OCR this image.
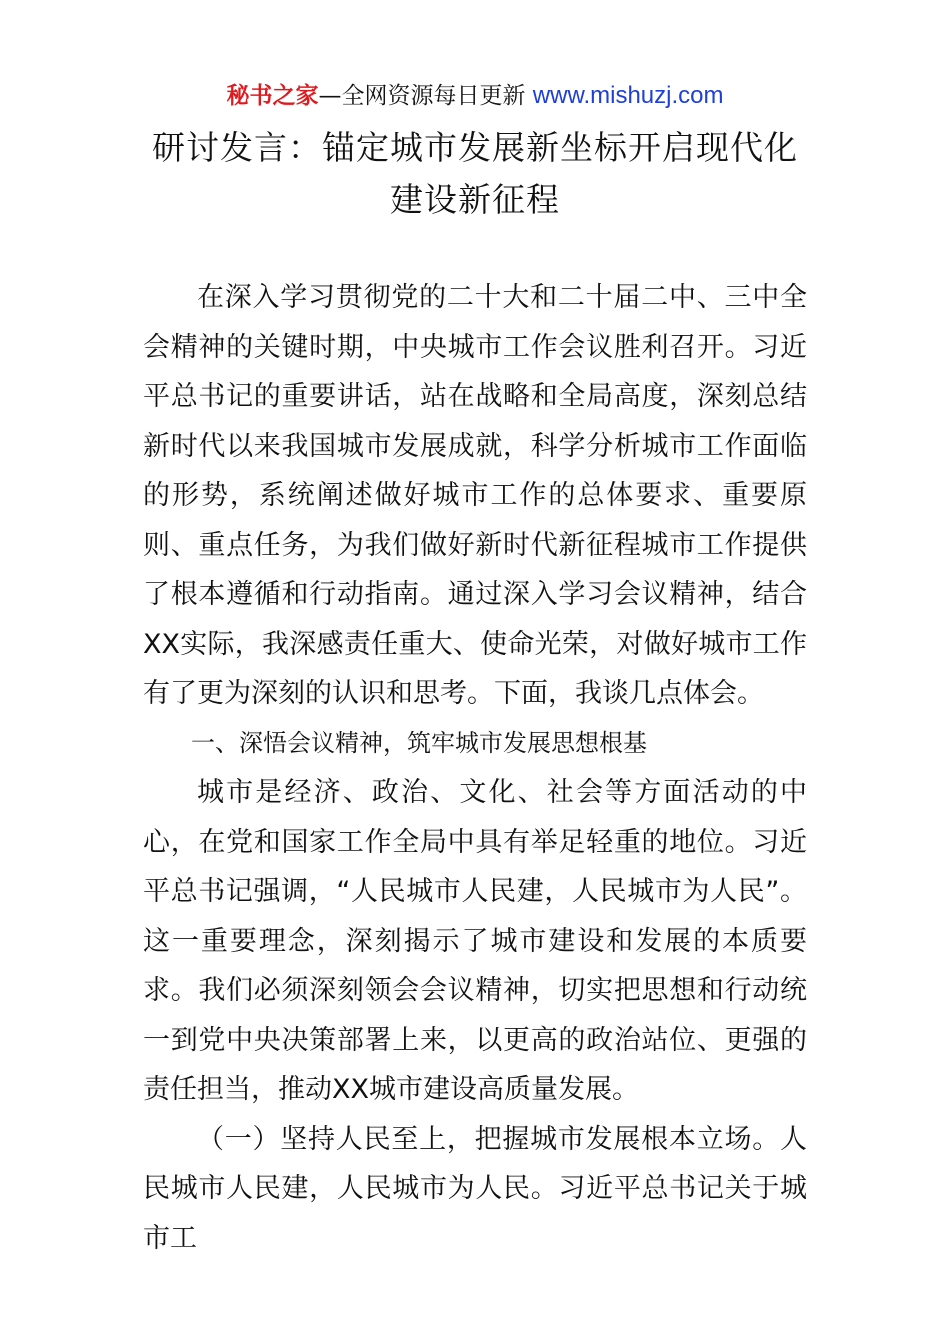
秘书之家—全网资源每日更新 www.mishuzj.com
研讨发言：锚定城市发展新坐标开启现代化建设新征程

在深入学习贯彻党的二十大和二十届二中、三中全会精神的关键时期，中央城市工作会议胜利召开。习近平总书记的重要讲话，站在战略和全局高度，深刻总结新时代以来我国城市发展成就，科学分析城市工作面临的形势，系统阐述做好城市工作的总体要求、重要原则、重点任务，为我们做好新时代新征程城市工作提供了根本遵循和行动指南。通过深入学习会议精神，结合XX实际，我深感责任重大、使命光荣，对做好城市工作有了更为深刻的认识和思考。下面，我谈几点体会。

一、深悟会议精神，筑牢城市发展思想根基

城市是经济、政治、文化、社会等方面活动的中心，在党和国家工作全局中具有举足轻重的地位。习近平总书记强调，“人民城市人民建，人民城市为人民”。这一重要理念，深刻揭示了城市建设和发展的本质要求。我们必须深刻领会会议精神，切实把思想和行动统一到党中央决策部署上来，以更高的政治站位、更强的责任担当，推动XX城市建设高质量发展。

（一）坚持人民至上，把握城市发展根本立场。人民城市人民建，人民城市为人民。习近平总书记关于城市工
